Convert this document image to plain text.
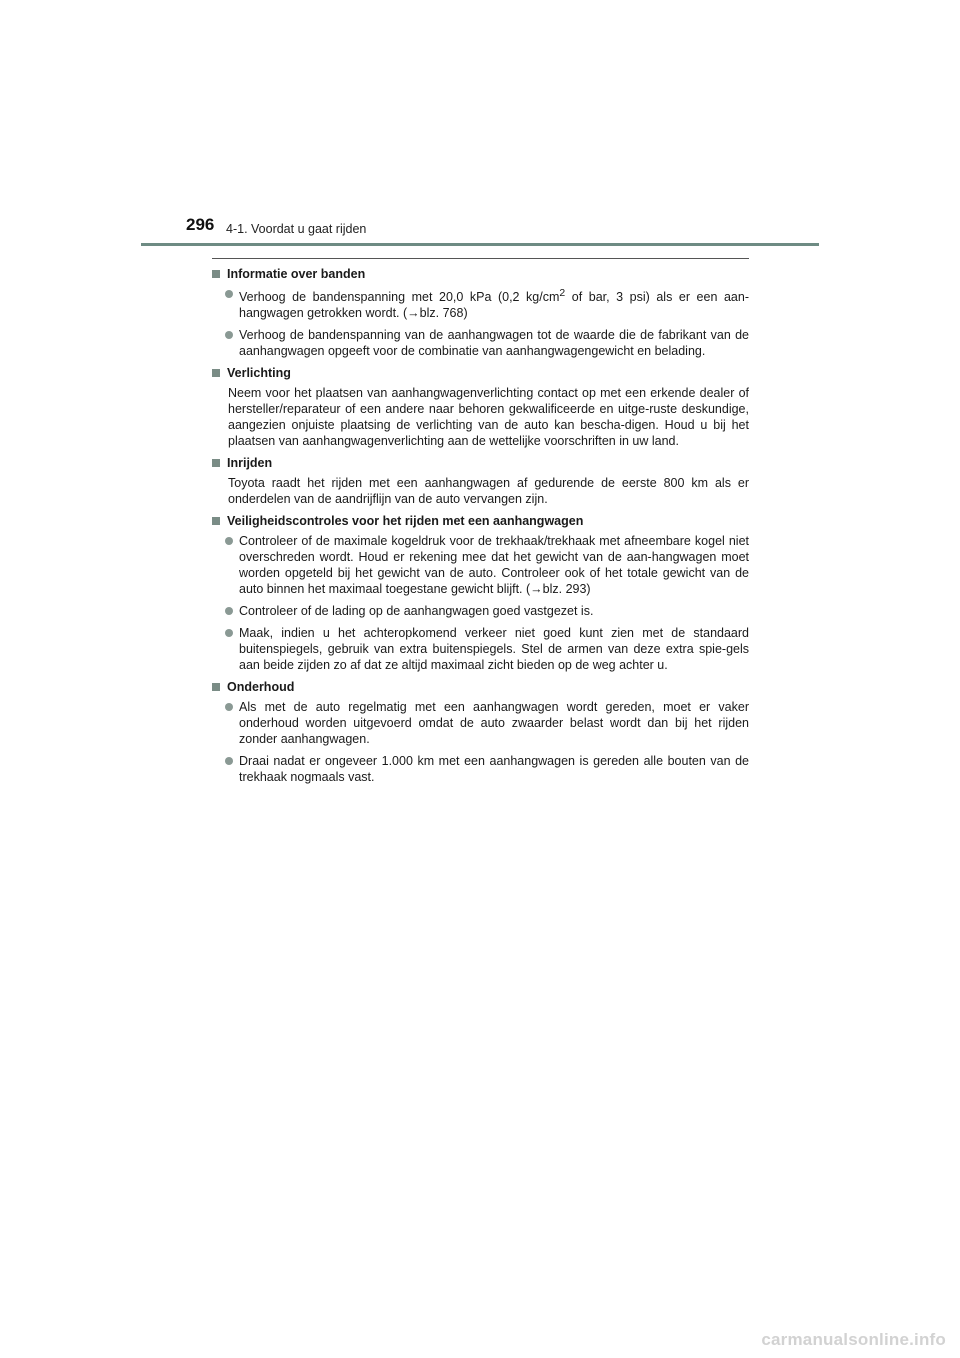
296 4-1. Voordat u gaat rijden
Informatie over banden
Verhoog de bandenspanning met 20,0 kPa (0,2 $kg/cm^2$ of bar, 3 psi) als er een aan-hangwagen getrokken wordt. (→blz. 768)
Verhoog de bandenspanning van de aanhangwagen tot de waarde die de fabrikant van de aanhangwagen opgeeft voor de combinatie van aanhangwagengewicht en belading.
Verlichting
Neem voor het plaatsen van aanhangwagenverlichting contact op met een erkende dealer of hersteller/reparateur of een andere naar behoren gekwalificeerde en uitge-ruste deskundige, aangezien onjuiste plaatsing de verlichting van de auto kan bescha-digen. Houd u bij het plaatsen van aanhangwagenverlichting aan de wettelijke voorschriften in uw land.
Inrijden
Toyota raadt het rijden met een aanhangwagen af gedurende de eerste 800 km als er onderdelen van de aandrijflijn van de auto vervangen zijn.
Veiligheidscontroles voor het rijden met een aanhangwagen
Controleer of de maximale kogeldruk voor de trekhaak/trekhaak met afneembare kogel niet overschreden wordt. Houd er rekening mee dat het gewicht van de aan-hangwagen moet worden opgeteld bij het gewicht van de auto. Controleer ook of het totale gewicht van de auto binnen het maximaal toegestane gewicht blijft. (→blz. 293)
Controleer of de lading op de aanhangwagen goed vastgezet is.
Maak, indien u het achteropkomend verkeer niet goed kunt zien met de standaard buitenspiegels, gebruik van extra buitenspiegels. Stel de armen van deze extra spie-gels aan beide zijden zo af dat ze altijd maximaal zicht bieden op de weg achter u.
Onderhoud
Als met de auto regelmatig met een aanhangwagen wordt gereden, moet er vaker onderhoud worden uitgevoerd omdat de auto zwaarder belast wordt dan bij het rijden zonder aanhangwagen.
Draai nadat er ongeveer 1.000 km met een aanhangwagen is gereden alle bouten van de trekhaak nogmaals vast.
carmanualsonline.info
